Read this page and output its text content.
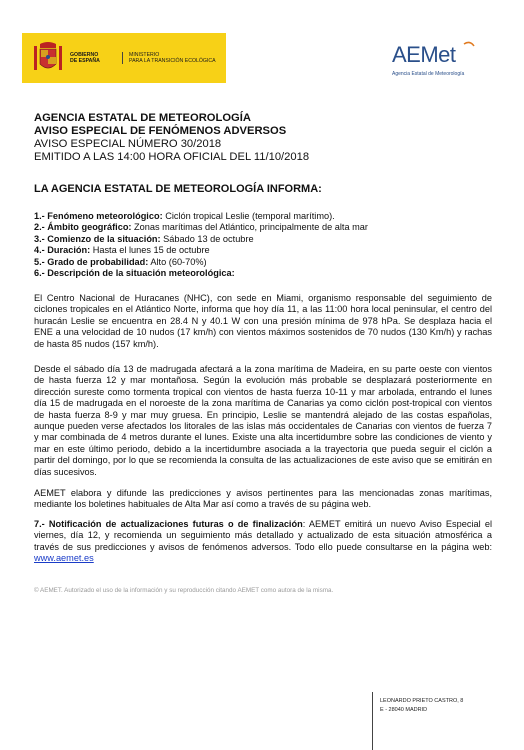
GOBIERNO
DE ESPAÑA
MINISTERIO
PARA LA TRANSICIÓN ECOLÓGICA	AEMet
Agencia Estatal de Meteorología
AGENCIA ESTATAL DE METEOROLOGÍA
AVISO ESPECIAL DE FENÓMENOS ADVERSOS
AVISO ESPECIAL NÚMERO 30/2018
EMITIDO A LAS 14:00 HORA OFICIAL DEL 11/10/2018
LA AGENCIA ESTATAL DE METEOROLOGÍA INFORMA:
1.- Fenómeno meteorológico: Ciclón tropical Leslie (temporal marítimo).
2.- Ámbito geográfico: Zonas marítimas del Atlántico, principalmente de alta mar
3.- Comienzo de la situación: Sábado 13 de octubre
4.- Duración: Hasta el lunes 15 de octubre
5.- Grado de probabilidad: Alto (60-70%)
6.- Descripción de la situación meteorológica:
El Centro Nacional de Huracanes (NHC), con sede en Miami, organismo responsable del seguimiento de ciclones tropicales en el Atlántico Norte, informa que hoy día 11, a las 11:00 hora local peninsular, el centro del huracán Leslie se encuentra en 28.4 N y 40.1 W con una presión mínima de 978 hPa. Se desplaza hacia el ENE a una velocidad de 10 nudos (17 km/h) con vientos máximos sostenidos de 70 nudos (130 Km/h) y rachas de hasta 85 nudos (157 km/h).
Desde el sábado día 13 de madrugada afectará a la zona marítima de Madeira, en su parte oeste con vientos de hasta fuerza 12 y mar montañosa. Según la evolución más probable se desplazará posteriormente en dirección sureste como tormenta tropical con vientos de hasta fuerza 10-11 y mar arbolada, entrando el lunes día 15 de madrugada en el noroeste de la zona marítima de Canarias ya como ciclón post-tropical con vientos de hasta fuerza 8-9 y mar muy gruesa. En principio, Leslie se mantendrá alejado de las costas españolas, aunque pueden verse afectados los litorales de las islas más occidentales de Canarias con vientos de fuerza 7 y mar combinada de 4 metros durante el lunes. Existe una alta incertidumbre sobre las condiciones de viento y mar en este último periodo, debido a la incertidumbre asociada a la trayectoria que pueda seguir el ciclón a partir del domingo, por lo que se recomienda la consulta de las actualizaciones de este aviso que se emitirán en días sucesivos.
AEMET elabora y difunde las predicciones y avisos pertinentes para las mencionadas zonas marítimas, mediante los boletines habituales de Alta Mar así como a través de su página web.
7.- Notificación de actualizaciones futuras o de finalización: AEMET emitirá un nuevo Aviso Especial el viernes, día 12, y recomienda un seguimiento más detallado y actualizado de esta situación atmosférica a través de sus predicciones y avisos de fenómenos adversos. Todo ello puede consultarse en la página web: www.aemet.es
© AEMET. Autorizado el uso de la información y su reproducción citando AEMET como autora de la misma.
LEONARDO PRIETO CASTRO, 8
E - 28040 MADRID
